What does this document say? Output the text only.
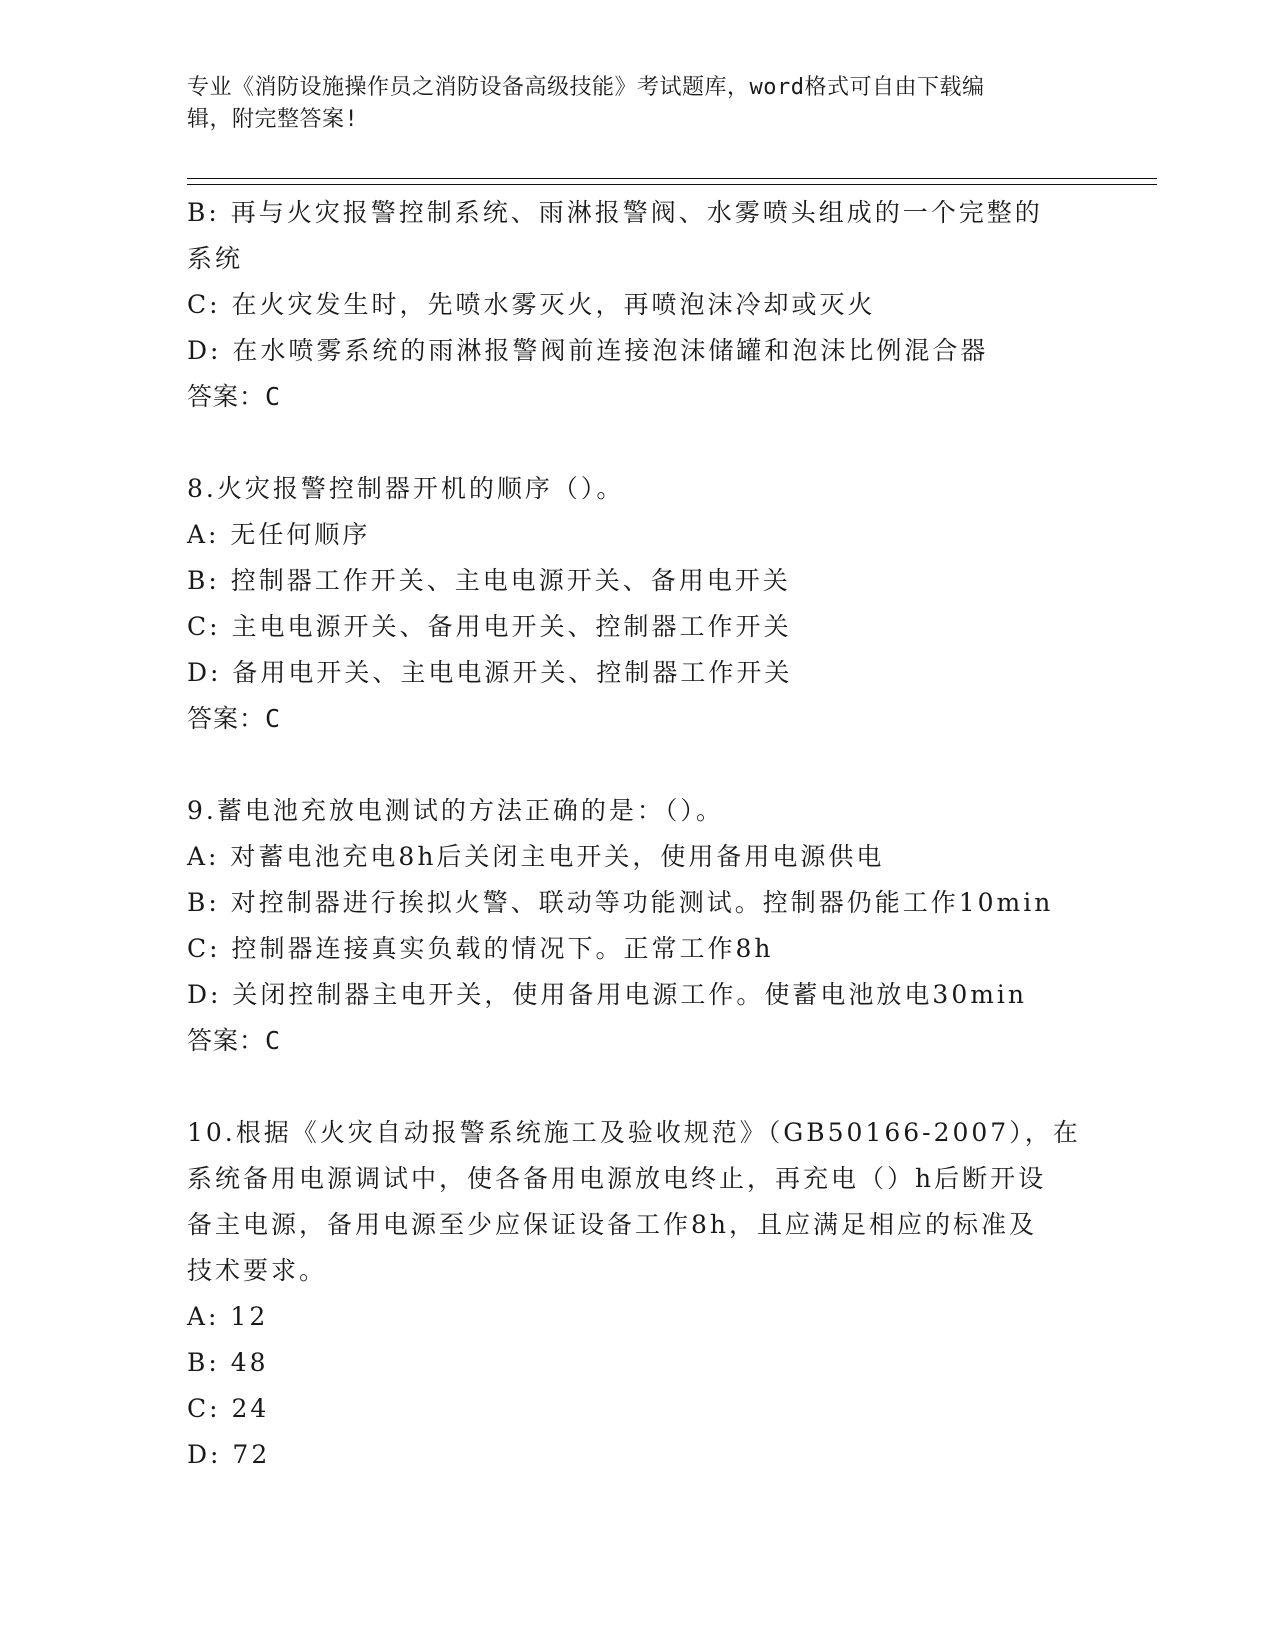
专业《消防设施操作员之消防设备高级技能》考试题库，word格式可自由下载编
辑，附完整答案!
B: 再与火灾报警控制系统、雨淋报警阀、水雾喷头组成的一个完整的
系统
C: 在火灾发生时，先喷水雾灭火，再喷泡沫冷却或灭火
D: 在水喷雾系统的雨淋报警阀前连接泡沫储罐和泡沫比例混合器
答案：C
8.火灾报警控制器开机的顺序（）。
A: 无任何顺序
B: 控制器工作开关、主电电源开关、备用电开关
C: 主电电源开关、备用电开关、控制器工作开关
D: 备用电开关、主电电源开关、控制器工作开关
答案：C
9.蓄电池充放电测试的方法正确的是：（）。
A: 对蓄电池充电8h后关闭主电开关，使用备用电源供电
B: 对控制器进行挨拟火警、联动等功能测试。控制器仍能工作10min
C: 控制器连接真实负载的情况下。正常工作8h
D: 关闭控制器主电开关，使用备用电源工作。使蓄电池放电30min
答案：C
10.根据《火灾自动报警系统施工及验收规范》（GB50166-2007），在
系统备用电源调试中，使各备用电源放电终止，再充电（）h后断开设
备主电源，备用电源至少应保证设备工作8h，且应满足相应的标准及
技术要求。
A: 12
B: 48
C: 24
D: 72
